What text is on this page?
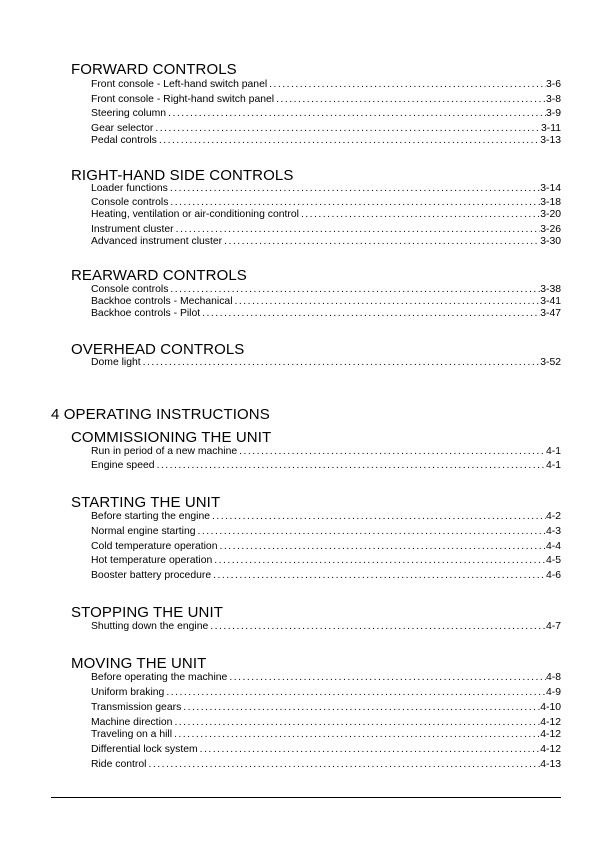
FORWARD CONTROLS
Front console - Left-hand switch panel . . .	3-6
Front console - Right-hand switch panel . . .	3-8
Steering column . . .	3-9
Gear selector . . .	3-11
Pedal controls . . .	3-13
RIGHT-HAND SIDE CONTROLS
Loader functions . . .	3-14
Console controls . . .	3-18
Heating, ventilation or air-conditioning control . . .	3-20
Instrument cluster . . .	3-26
Advanced instrument cluster . . .	3-30
REARWARD CONTROLS
Console controls . . .	3-38
Backhoe controls - Mechanical . . .	3-41
Backhoe controls - Pilot . . .	3-47
OVERHEAD CONTROLS
Dome light . . .	3-52
4 OPERATING INSTRUCTIONS
COMMISSIONING THE UNIT
Run in period of a new machine . . .	4-1
Engine speed . . .	4-1
STARTING THE UNIT
Before starting the engine . . .	4-2
Normal engine starting . . .	4-3
Cold temperature operation . . .	4-4
Hot temperature operation . . .	4-5
Booster battery procedure . . .	4-6
STOPPING THE UNIT
Shutting down the engine . . .	4-7
MOVING THE UNIT
Before operating the machine . . .	4-8
Uniform braking . . .	4-9
Transmission gears . . .	4-10
Machine direction . . .	4-12
Traveling on a hill . . .	4-12
Differential lock system . . .	4-12
Ride control . . .	4-13
